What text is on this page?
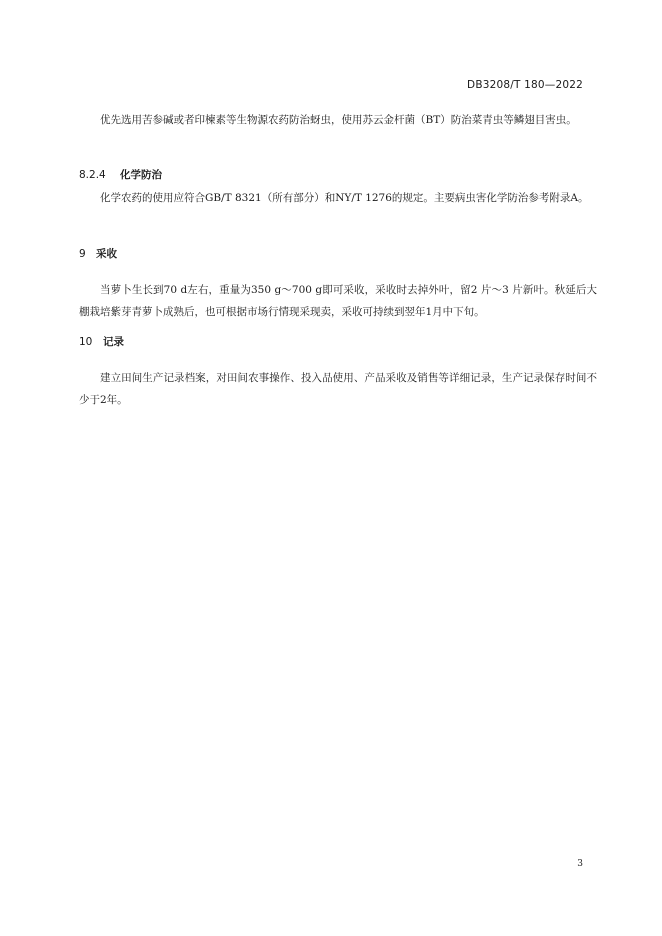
DB3208/T 180—2022

优先选用苦参碱或者印楝素等生物源农药防治蚜虫，使用苏云金杆菌（BT）防治菜青虫等鳞翅目害虫。

8.2.4 化学防治

化学农药的使用应符合GB/T 8321（所有部分）和NY/T 1276的规定。主要病虫害化学防治参考附录A。

9 采收

当萝卜生长到70 d左右，重量为350 g～700 g即可采收，采收时去掉外叶，留2 片～3 片新叶。秋延后大棚栽培紫芽青萝卜成熟后，也可根据市场行情现采现卖，采收可持续到翌年1月中下旬。

10 记录

建立田间生产记录档案，对田间农事操作、投入品使用、产品采收及销售等详细记录，生产记录保存时间不少于2年。

3
